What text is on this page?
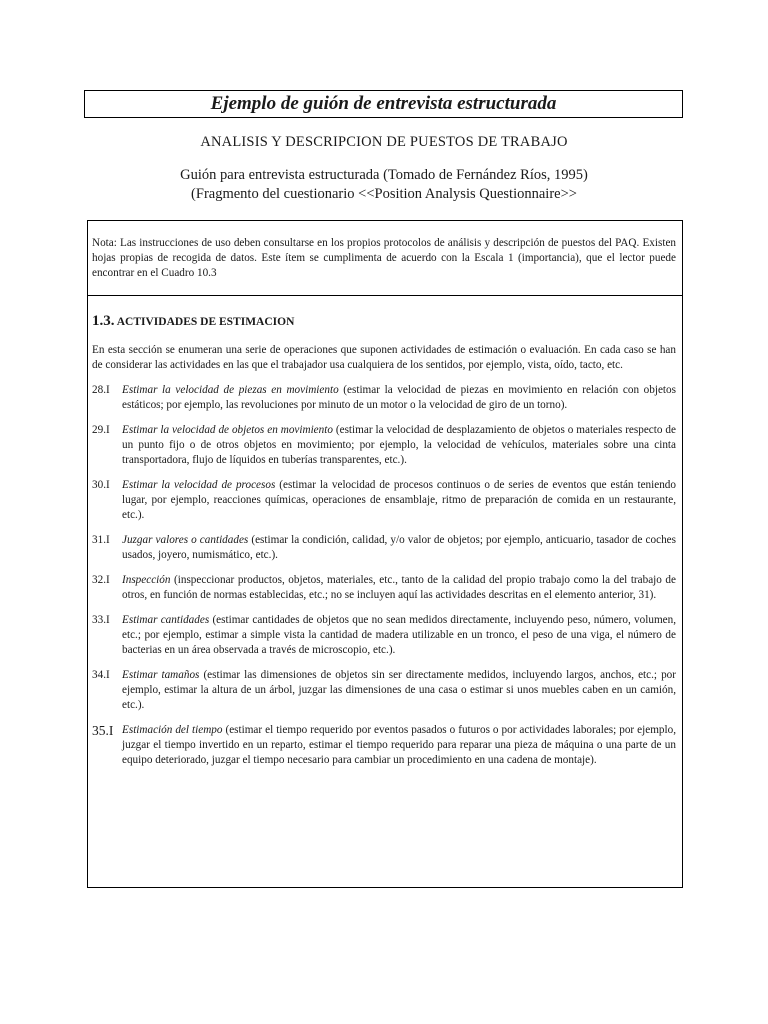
Ejemplo de guión de entrevista estructurada
ANALISIS Y DESCRIPCION DE PUESTOS DE TRABAJO
Guión para entrevista estructurada (Tomado de Fernández Ríos, 1995)
(Fragmento del cuestionario <<Position Analysis Questionnaire>>
Nota: Las instrucciones de uso deben consultarse en los propios protocolos de análisis y descripción de puestos del PAQ. Existen hojas propias de recogida de datos. Este ítem se cumplimenta de acuerdo con la Escala 1 (importancia), que el lector puede encontrar en el Cuadro 10.3
1.3. ACTIVIDADES DE ESTIMACION
En esta sección se enumeran una serie de operaciones que suponen actividades de estimación o evaluación. En cada caso se han de considerar las actividades en las que el trabajador usa cualquiera de los sentidos, por ejemplo, vista, oído, tacto, etc.
28.I	Estimar la velocidad de piezas en movimiento (estimar la velocidad de piezas en movimiento en relación con objetos estáticos; por ejemplo, las revoluciones por minuto de un motor o la velocidad de giro de un torno).
29.I	Estimar la velocidad de objetos en movimiento (estimar la velocidad de desplazamiento de objetos o materiales respecto de un punto fijo o de otros objetos en movimiento; por ejemplo, la velocidad de vehículos, materiales sobre una cinta transportadora, flujo de líquidos en tuberías transparentes, etc.).
30.I	Estimar la velocidad de procesos (estimar la velocidad de procesos continuos o de series de eventos que están teniendo lugar, por ejemplo, reacciones químicas, operaciones de ensamblaje, ritmo de preparación de comida en un restaurante, etc.).
31.I	Juzgar valores o cantidades (estimar la condición, calidad, y/o valor de objetos; por ejemplo, anticuario, tasador de coches usados, joyero, numismático, etc.).
32.I	Inspección (inspeccionar productos, objetos, materiales, etc., tanto de la calidad del propio trabajo como la del trabajo de otros, en función de normas establecidas, etc.; no se incluyen aquí las actividades descritas en el elemento anterior, 31).
33.I	Estimar cantidades (estimar cantidades de objetos que no sean medidos directamente, incluyendo peso, número, volumen, etc.; por ejemplo, estimar a simple vista la cantidad de madera utilizable en un tronco, el peso de una viga, el número de bacterias en un área observada a través de microscopio, etc.).
34.I	Estimar tamaños (estimar las dimensiones de objetos sin ser directamente medidos, incluyendo largos, anchos, etc.; por ejemplo, estimar la altura de un árbol, juzgar las dimensiones de una casa o estimar si unos muebles caben en un camión, etc.).
35.I Estimación del tiempo (estimar el tiempo requerido por eventos pasados o futuros o por actividades laborales; por ejemplo, juzgar el tiempo invertido en un reparto, estimar el tiempo requerido para reparar una pieza de máquina o una parte de un equipo deteriorado, juzgar el tiempo necesario para cambiar un procedimiento en una cadena de montaje).
